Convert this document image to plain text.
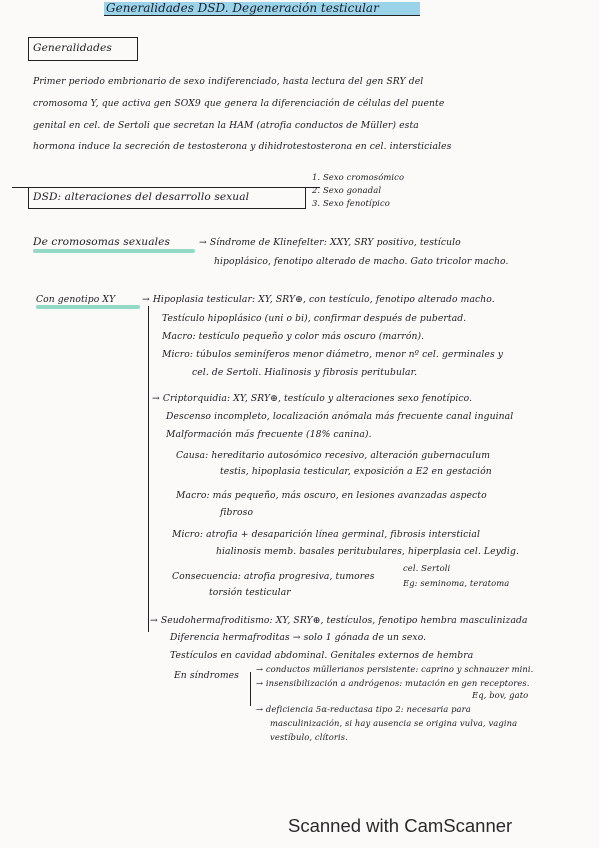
Generalidades DSD. Degeneración testicular
Generalidades
Primer periodo embrionario de sexo indiferenciado, hasta lectura del gen SRY del
cromosoma Y, que activa gen SOX9 que genera la diferenciación de células del puente
genital en cel. de Sertoli que secretan la HAM (atrofia conductos de Müller) esta
hormona induce la secreción de testosterona y dihidrotestosterona en cel. intersticiales
DSD: alteraciones del desarrollo sexual
1. Sexo cromosómico
2. Sexo gonadal
3. Sexo fenotípico
De cromosomas sexuales	→ Síndrome de Klinefelter: XXY, SRY positivo, testículo
hipoplásico, fenotipo alterado de macho. Gato tricolor macho.
Con genotipo XY	→ Hipoplasia testicular: XY, SRY⊕, con testículo, fenotipo alterado macho.
Testículo hipoplásico (uni o bi), confirmar después de pubertad.
Macro: testículo pequeño y color más oscuro (marrón).
Micro: túbulos seminíferos menor diámetro, menor nº cel. germinales y
cel. de Sertoli. Hialinosis y fibrosis peritubular.
→ Criptorquidia: XY, SRY⊕, testículo y alteraciones sexo fenotípico.
Descenso incompleto, localización anómala más frecuente canal inguinal
Malformación más frecuente (18% canina).
Causa: hereditario autosómico recesivo, alteración gubernaculum
testis, hipoplasia testicular, exposición a E2 en gestación
Macro: más pequeño, más oscuro, en lesiones avanzadas aspecto
fibroso
Micro: atrofia + desaparición línea germinal, fibrosis intersticial
hialinosis memb. basales peritubulares, hiperplasia cel. Leydig.
Consecuencia: atrofia progresiva, tumores
torsión testicular
cel. Sertoli
Eg: seminoma, teratoma
→ Seudohermafroditismo: XY, SRY⊕, testículos, fenotipo hembra masculinizada
Diferencia hermafroditas → solo 1 gónada de un sexo.
Testículos en cavidad abdominal. Genitales externos de hembra
En síndromes
→ conductos müllerianos persistente: caprino y schnauzer mini.
→ insensibilización a andrógenos: mutación en gen receptores.
Eq, bov, gato
→ deficiencia 5α-reductasa tipo 2: necesaria para
masculinización, si hay ausencia se origina vulva, vagina
vestíbulo, clítoris.
Scanned with CamScanner
